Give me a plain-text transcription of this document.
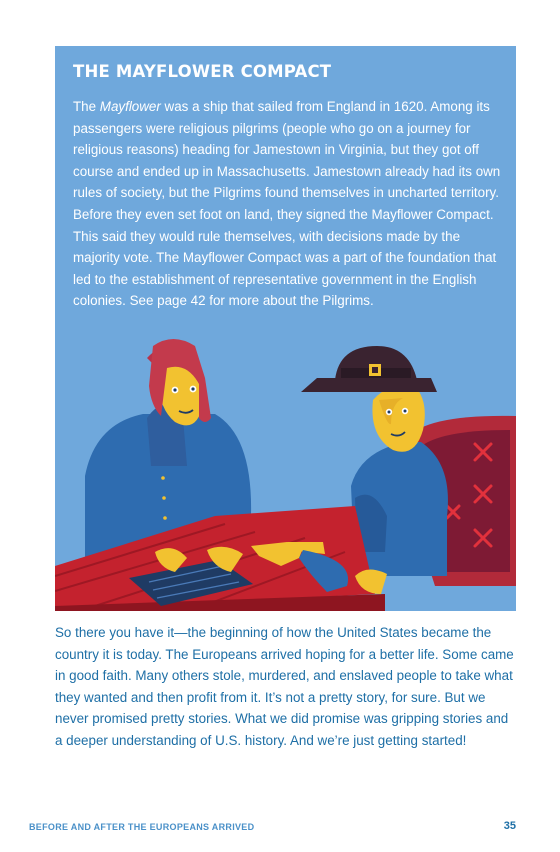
THE MAYFLOWER COMPACT

The Mayflower was a ship that sailed from England in 1620. Among its passengers were religious pilgrims (people who go on a journey for religious reasons) heading for Jamestown in Virginia, but they got off course and ended up in Massachusetts. Jamestown already had its own rules of society, but the Pilgrims found themselves in uncharted territory. Before they even set foot on land, they signed the Mayflower Compact. This said they would rule themselves, with decisions made by the majority vote. The Mayflower Compact was a part of the foundation that led to the establishment of representative government in the English colonies. See page 42 for more about the Pilgrims.

So there you have it—the beginning of how the United States became the country it is today. The Europeans arrived hoping for a better life. Some came in good faith. Many others stole, murdered, and enslaved people to take what they wanted and then profit from it. It’s not a pretty story, for sure. But we never promised pretty stories. What we did promise was gripping stories and a deeper understanding of U.S. history. And we’re just getting started!

BEFORE AND AFTER THE EUROPEANS ARRIVED	35
